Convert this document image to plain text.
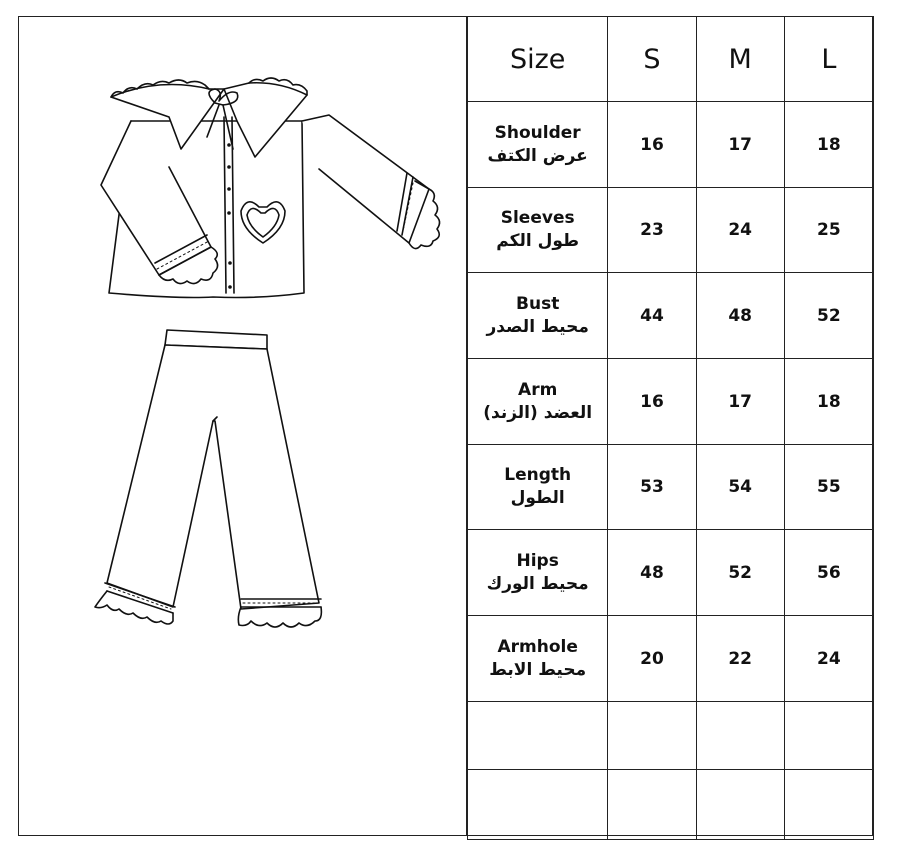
Size	S	M	L

Shoulder
عرض الكتف	16	17	18

Sleeves
طول الكم	23	24	25

Bust
محيط الصدر	44	48	52

Arm
العضد (الزند)	16	17	18

Length
الطول	53	54	55

Hips
محيط الورك	48	52	56

Armhole
محيط الابط	20	22	24
